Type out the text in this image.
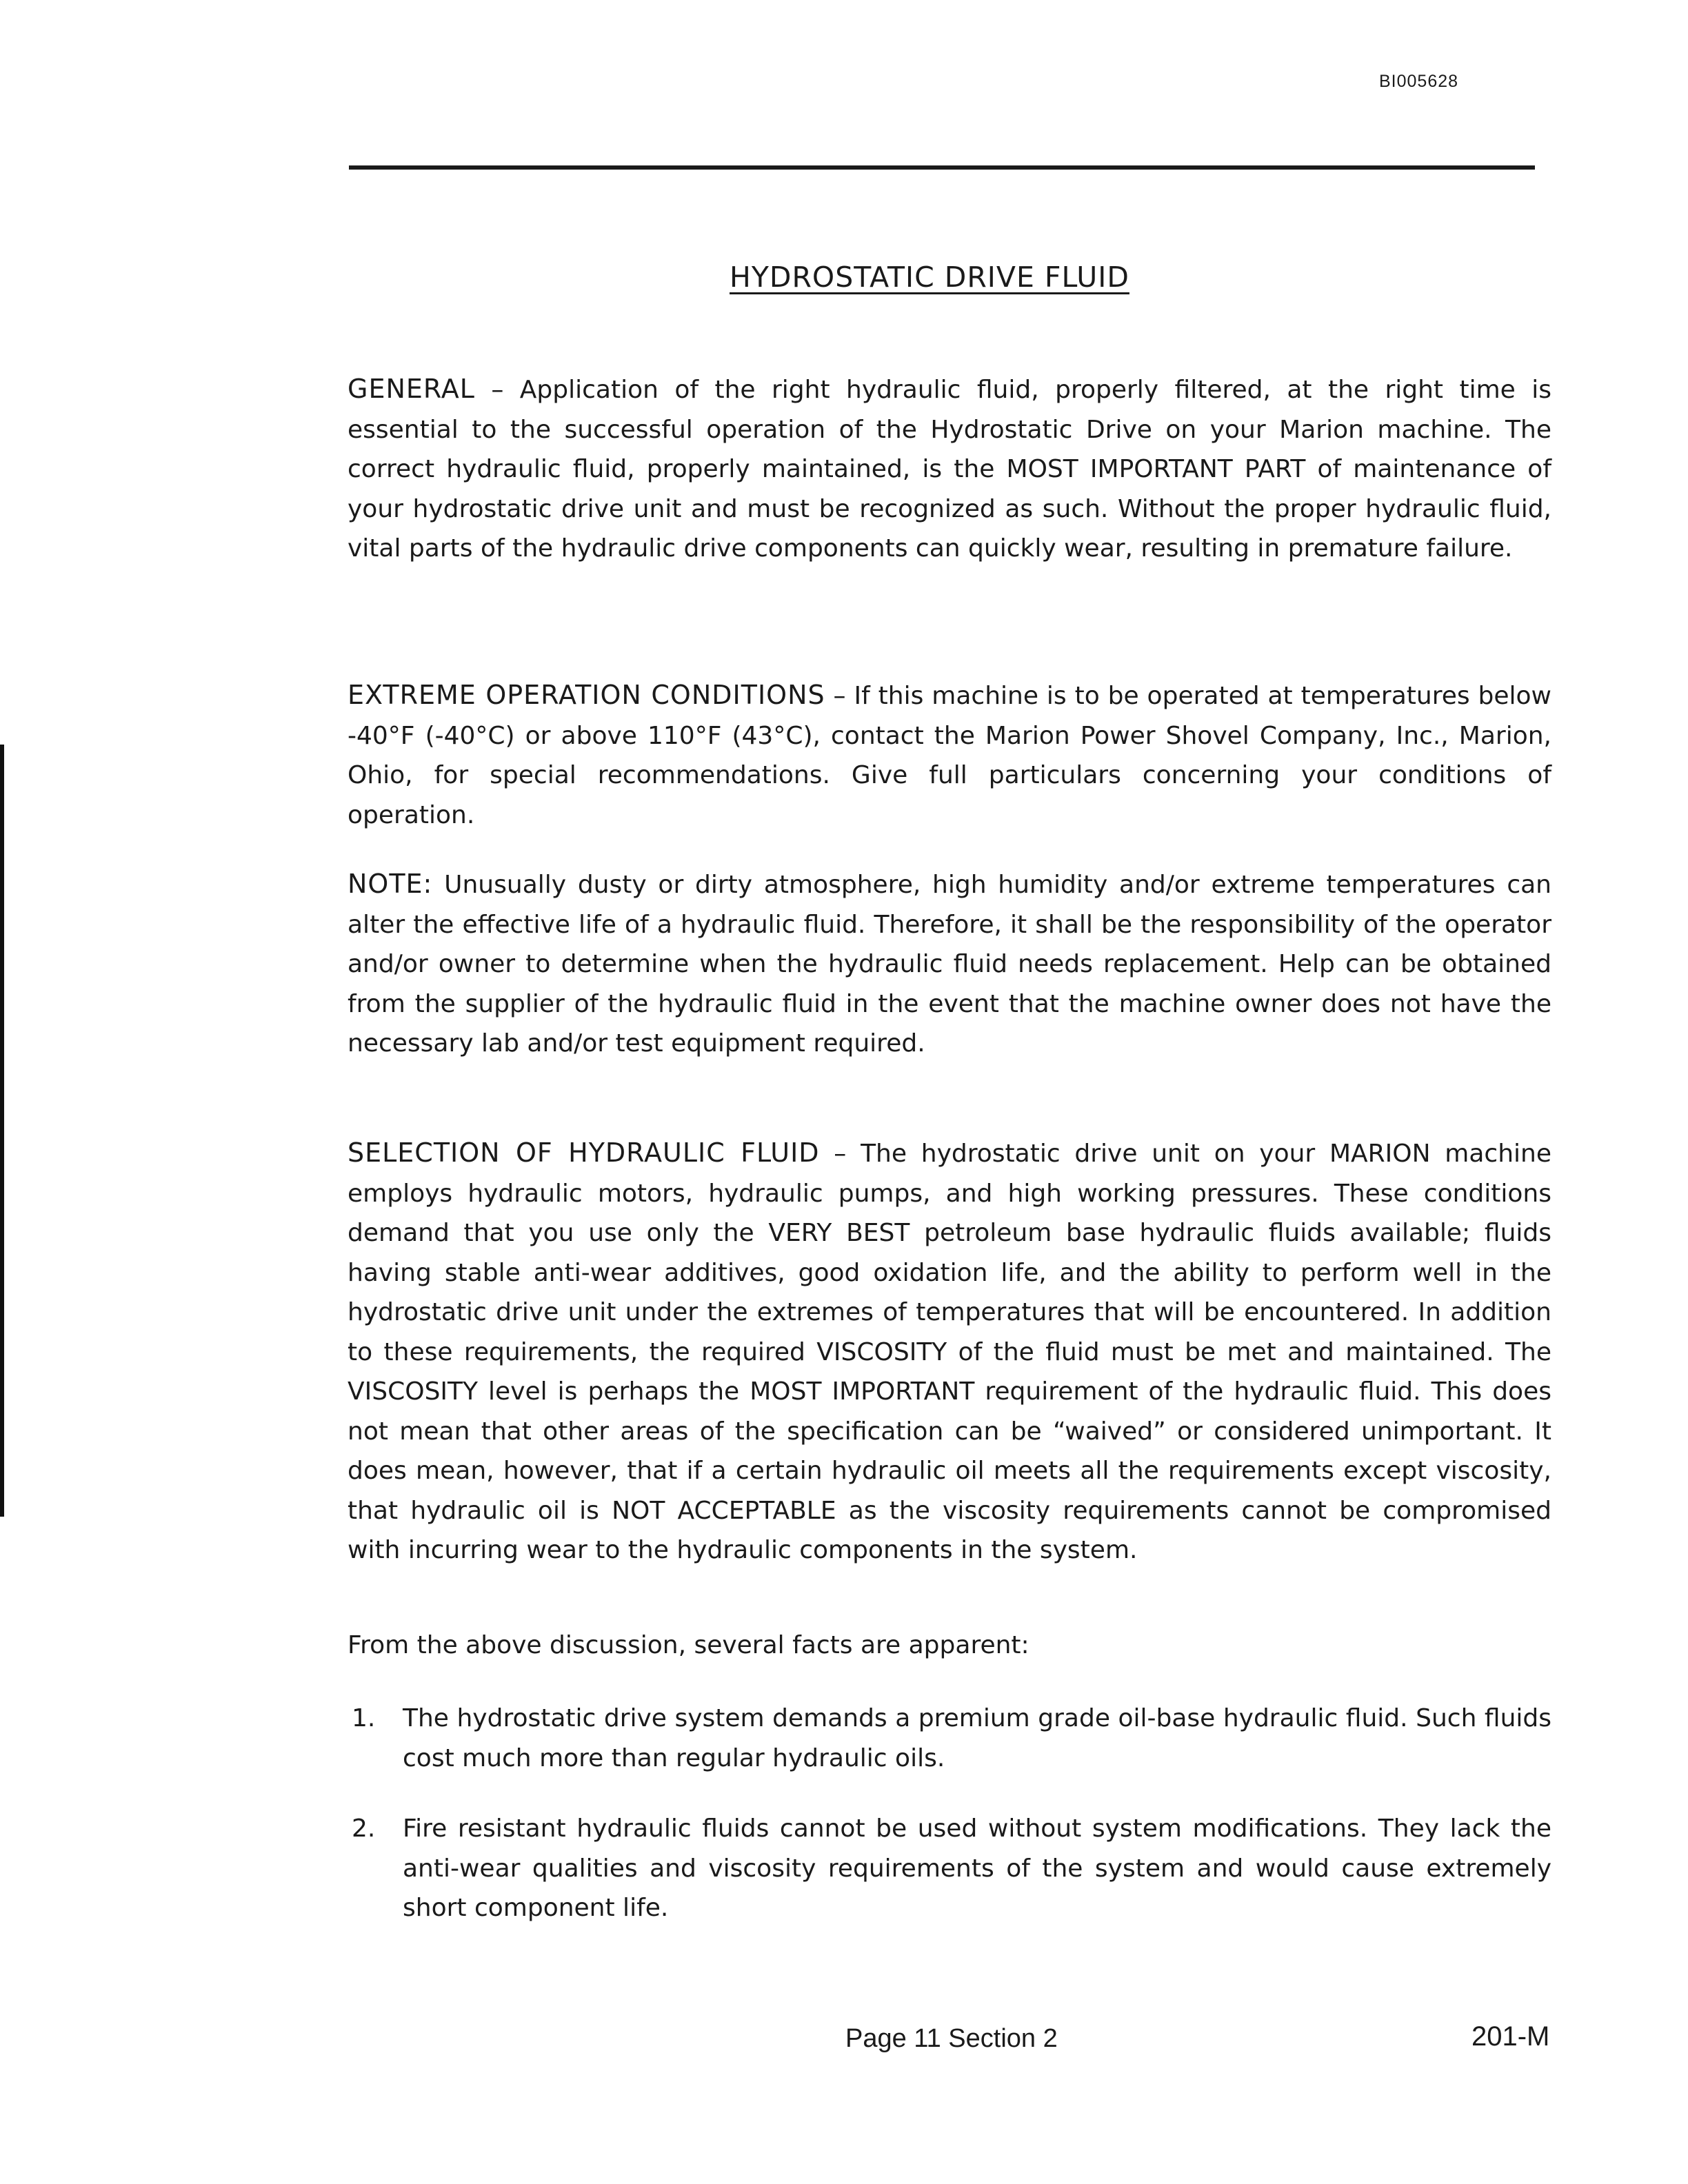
BI005628
HYDROSTATIC DRIVE FLUID

GENERAL – Application of the right hydraulic fluid, properly filtered, at the right time is essential to the successful operation of the Hydrostatic Drive on your Marion machine. The correct hydraulic fluid, properly maintained, is the MOST IMPORTANT PART of maintenance of your hydrostatic drive unit and must be recognized as such. Without the proper hydraulic fluid, vital parts of the hydraulic drive components can quickly wear, resulting in premature failure.

EXTREME OPERATION CONDITIONS – If this machine is to be operated at temperatures below -40°F (-40°C) or above 110°F (43°C), contact the Marion Power Shovel Company, Inc., Marion, Ohio, for special recommendations. Give full particulars concerning your conditions of operation.

NOTE: Unusually dusty or dirty atmosphere, high humidity and/or extreme temperatures can alter the effective life of a hydraulic fluid. Therefore, it shall be the responsibility of the operator and/or owner to determine when the hydraulic fluid needs replacement. Help can be obtained from the supplier of the hydraulic fluid in the event that the machine owner does not have the necessary lab and/or test equipment required.

SELECTION OF HYDRAULIC FLUID – The hydrostatic drive unit on your MARION machine employs hydraulic motors, hydraulic pumps, and high working pressures. These conditions demand that you use only the VERY BEST petroleum base hydraulic fluids available; fluids having stable anti-wear additives, good oxidation life, and the ability to perform well in the hydrostatic drive unit under the extremes of temperatures that will be encountered. In addition to these requirements, the required VISCOSITY of the fluid must be met and maintained. The VISCOSITY level is perhaps the MOST IMPORTANT requirement of the hydraulic fluid. This does not mean that other areas of the specification can be “waived” or considered unimportant. It does mean, however, that if a certain hydraulic oil meets all the requirements except viscosity, that hydraulic oil is NOT ACCEPTABLE as the viscosity requirements cannot be compromised with incurring wear to the hydraulic components in the system.

From the above discussion, several facts are apparent:

1. The hydrostatic drive system demands a premium grade oil-base hydraulic fluid. Such fluids cost much more than regular hydraulic oils.
2. Fire resistant hydraulic fluids cannot be used without system modifications. They lack the anti-wear qualities and viscosity requirements of the system and would cause extremely short component life.
Page 11 Section 2	201-M
